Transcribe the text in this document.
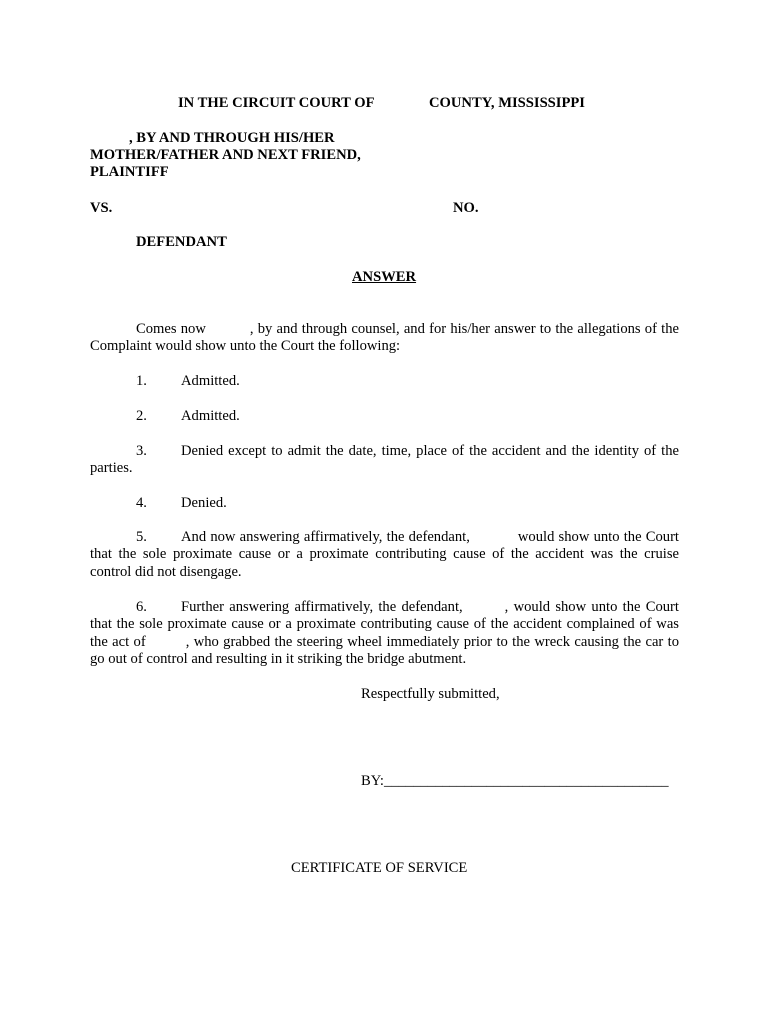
IN THE CIRCUIT COURT OF	COUNTY, MISSISSIPPI
, BY AND THROUGH HIS/HER
MOTHER/FATHER AND NEXT FRIEND,
PLAINTIFF
VS.	NO.
DEFENDANT
ANSWER

Comes now	, by and through counsel, and for his/her answer to the allegations of the Complaint would show unto the Court the following:

1. Admitted.

2. Admitted.

3. Denied except to admit the date, time, place of the accident and the identity of the parties.

4. Denied.

5. And now answering affirmatively, the defendant,	would show unto the Court that the sole proximate cause or a proximate contributing cause of the accident was the cruise control did not disengage.

6. Further answering affirmatively, the defendant,	, would show unto the Court that the sole proximate cause or a proximate contributing cause of the accident complained of was the act of	, who grabbed the steering wheel immediately prior to the wreck causing the car to go out of control and resulting in it striking the bridge abutment.

Respectfully submitted,
BY:_______________________________________
CERTIFICATE OF SERVICE
